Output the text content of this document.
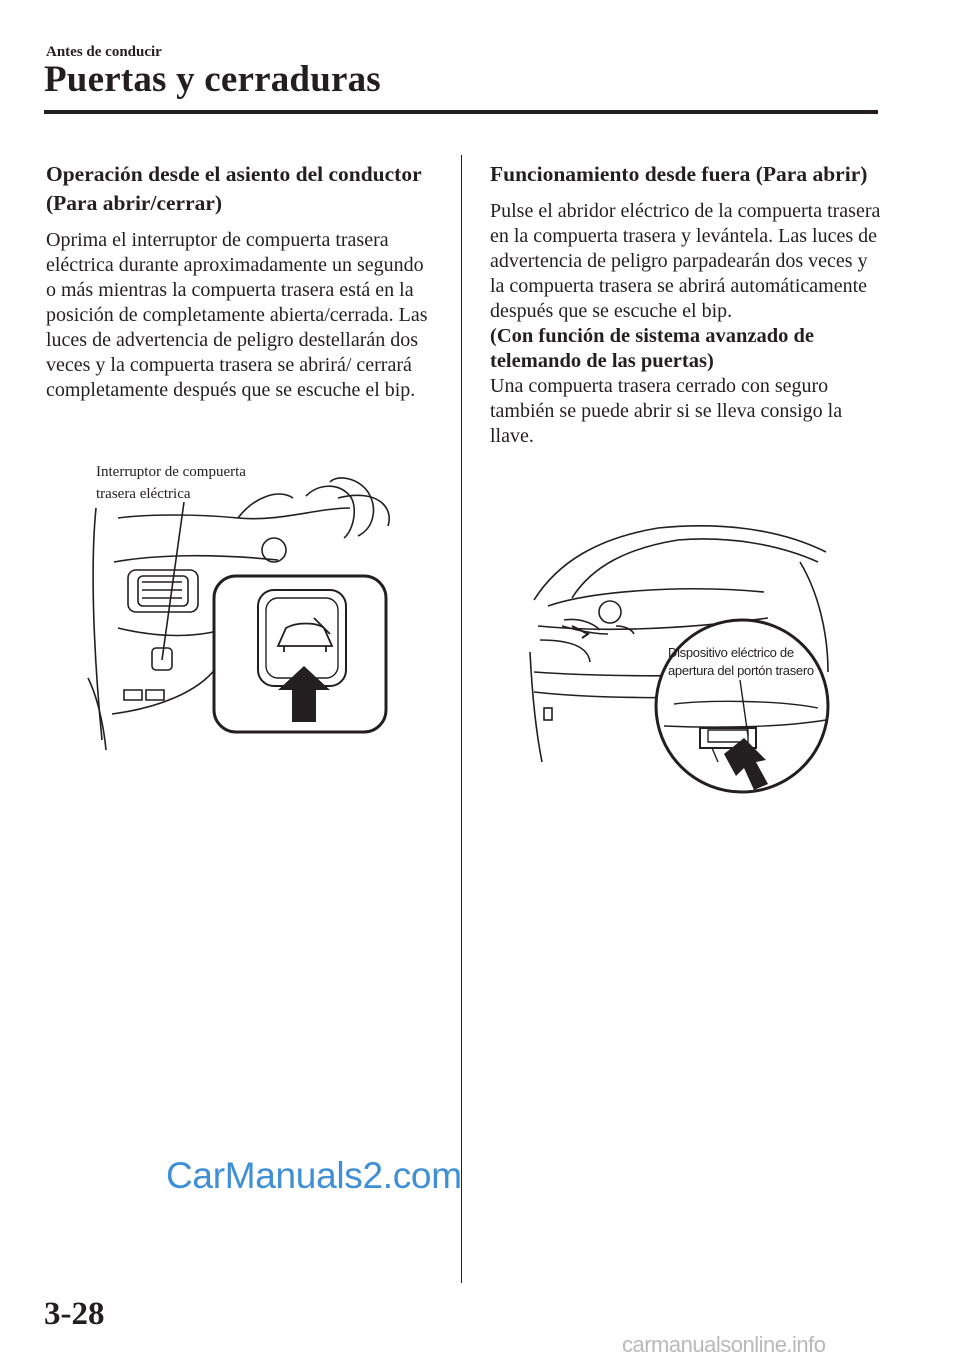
Antes de conducir
Puertas y cerraduras
Operación desde el asiento del conductor (Para abrir/cerrar)

Oprima el interruptor de compuerta trasera eléctrica durante aproximadamente un segundo o más mientras la compuerta trasera está en la posición de completamente abierta/cerrada. Las luces de advertencia de peligro destellarán dos veces y la compuerta trasera se abrirá/ cerrará completamente después que se escuche el bip.

Interruptor de compuerta
trasera eléctrica
Funcionamiento desde fuera (Para abrir)

Pulse el abridor eléctrico de la compuerta trasera en la compuerta trasera y levántela. Las luces de advertencia de peligro parpadearán dos veces y la compuerta trasera se abrirá automáticamente después que se escuche el bip.

(Con función de sistema avanzado de telemando de las puertas)

Una compuerta trasera cerrado con seguro también se puede abrir si se lleva consigo la llave.

Dispositivo eléctrico de
apertura del portón trasero
CarManuals2.com
3-28
carmanualsonline.info
